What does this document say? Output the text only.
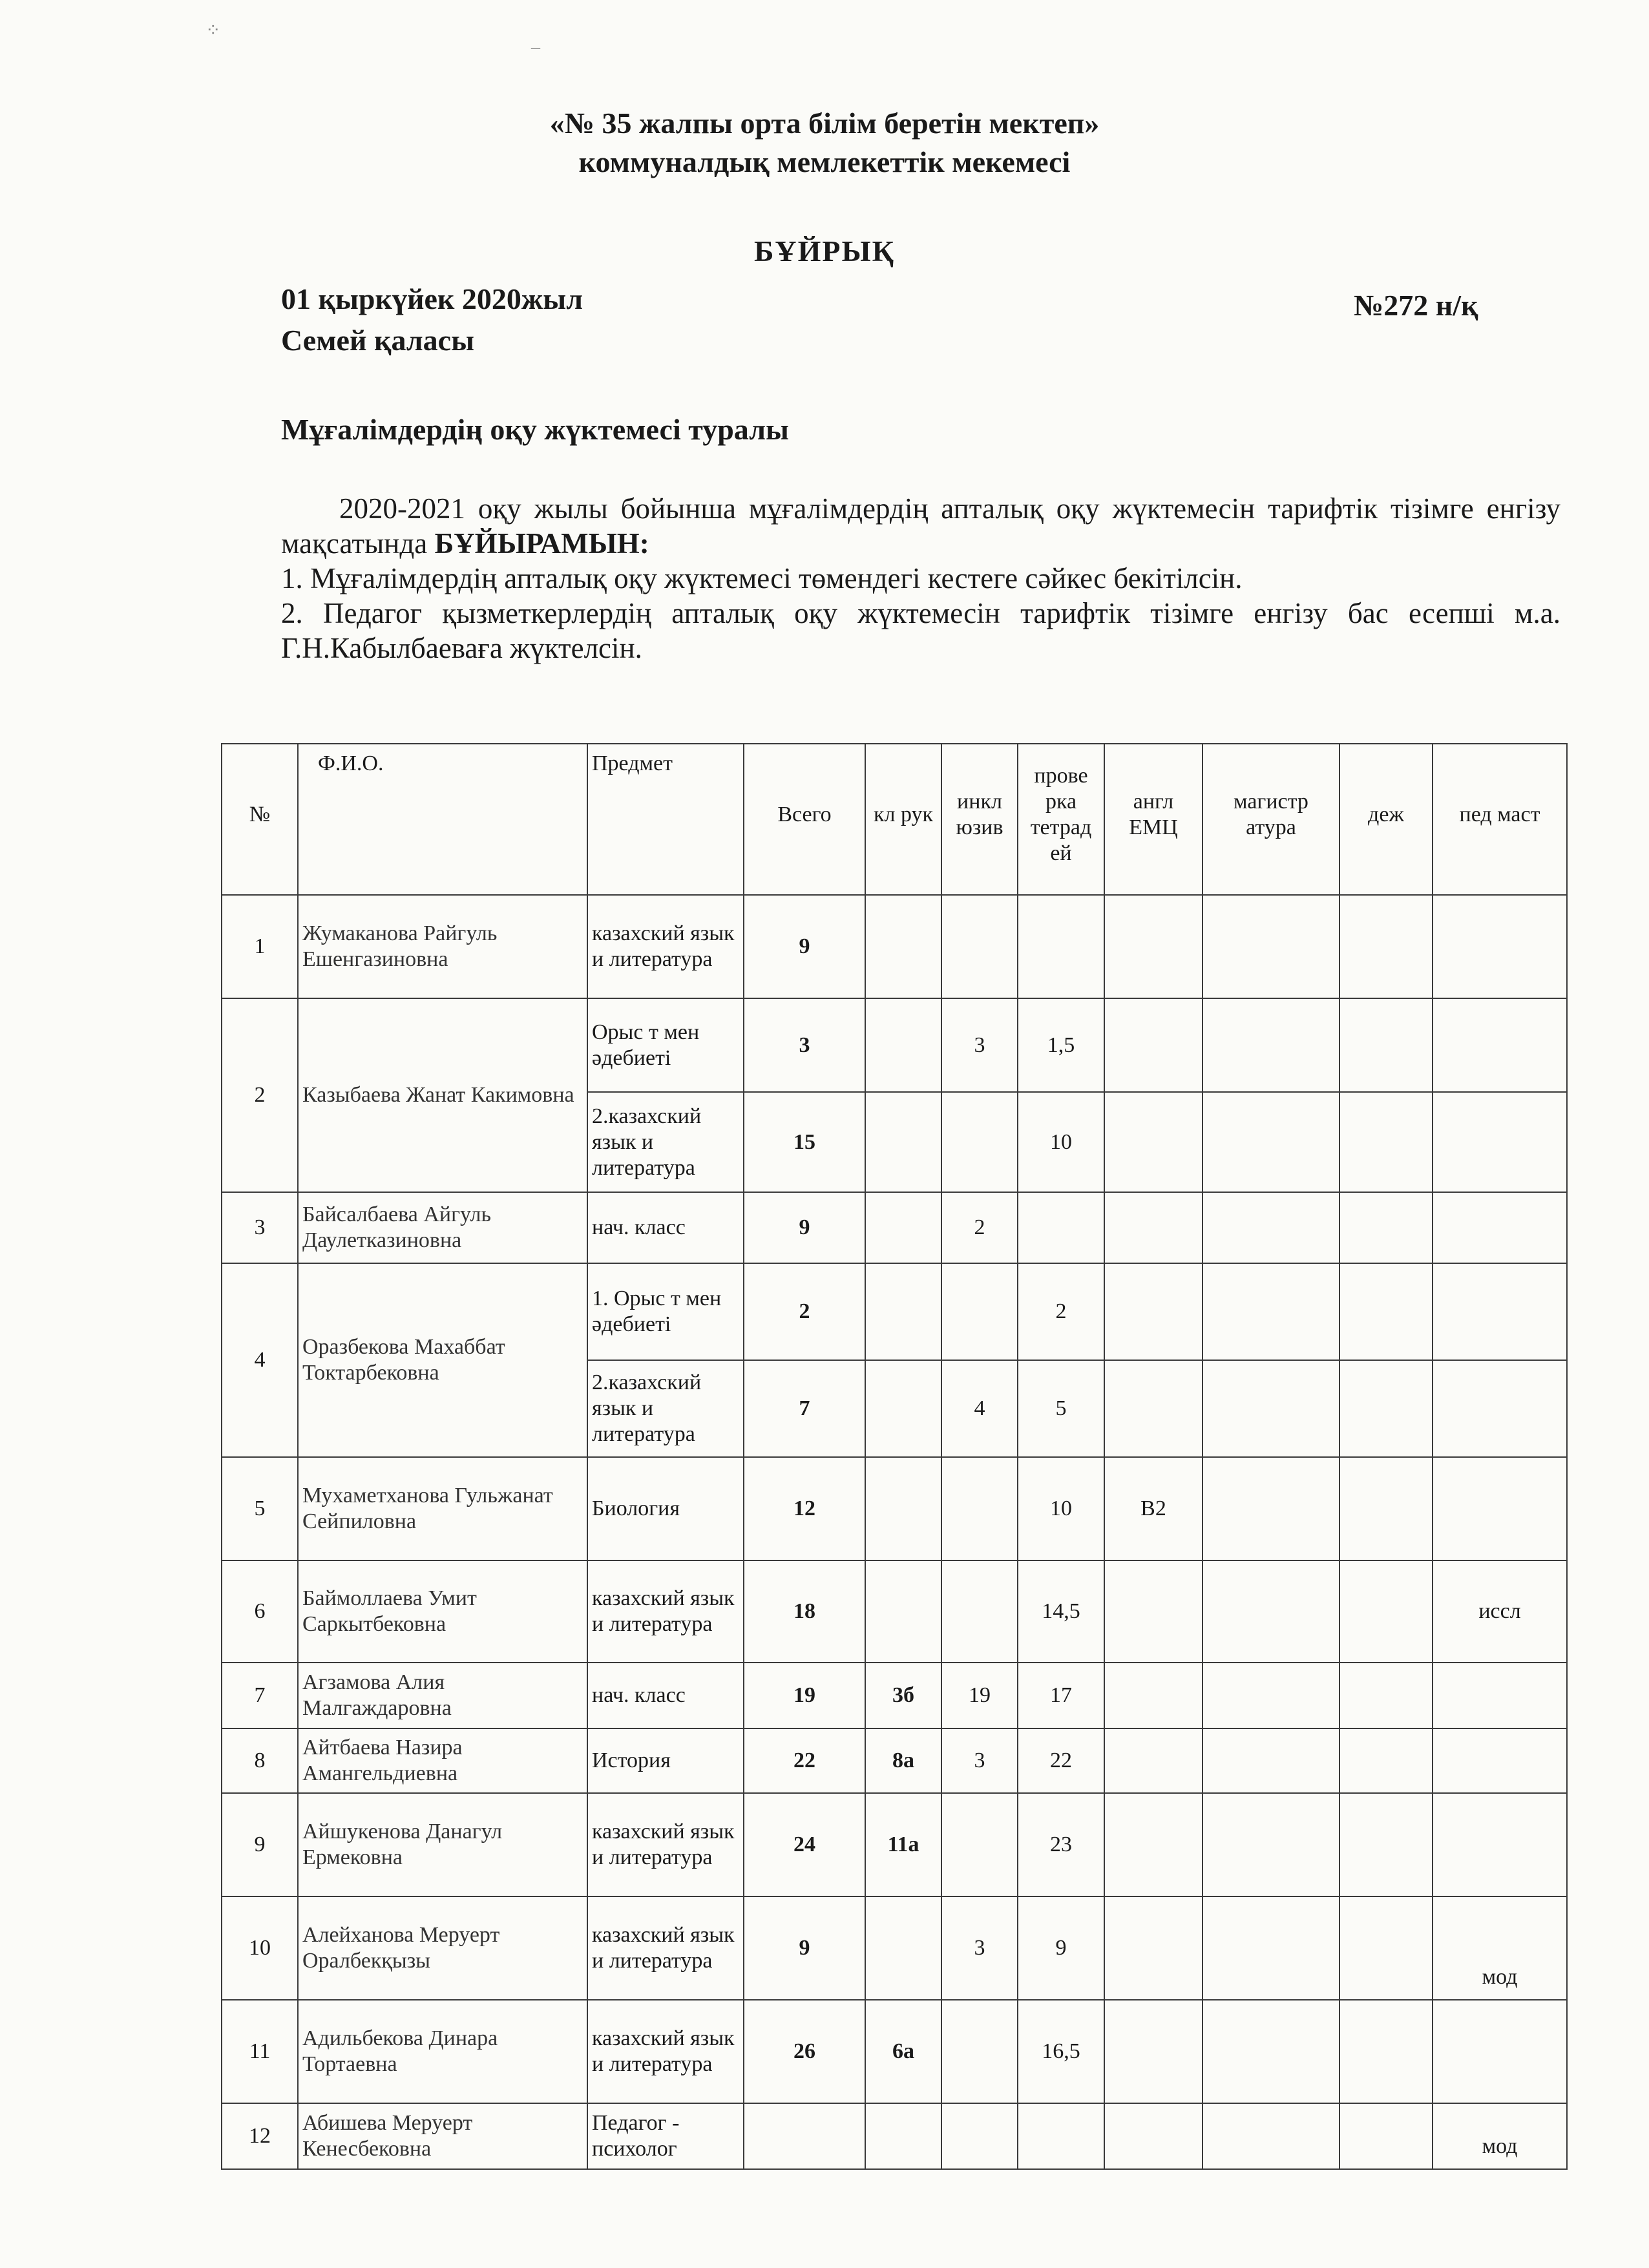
⁘
–
«№ 35 жалпы орта білім беретін мектеп»
коммуналдық мемлекеттік мекемесі
БҰЙРЫҚ
01 қыркүйек 2020жыл	№272 н/қ
Семей қаласы
Мұғалімдердің оқу жүктемесі туралы
2020-2021 оқу жылы бойынша мұғалімдердің апталық оқу жүктемесін тарифтік тізімге енгізу мақсатында БҰЙЫРАМЫН:
1. Мұғалімдердің апталық оқу жүктемесі төмендегі кестеге сәйкес бекітілсін.
2. Педагог қызметкерлердің апталық оқу жүктемесін тарифтік тізімге енгізу бас есепші м.а. Г.Н.Кабылбаеваға жүктелсін.
№	Ф.И.О.	Предмет	Всего	кл рук	инкл юзив	прове рка тетрад ей	англ ЕМЦ	магистр атура	деж	пед маст
1	Жумаканова Райгуль Ешенгазиновна	казахский язык и литература	9							
2	Казыбаева Жанат Какимовна	Орыс т мен әдебиеті	3		3	1,5				
		2.казахский язык и литература	15			10				
3	Байсалбаева Айгуль Даулетказиновна	нач. класс	9		2					
4	Оразбекова Махаббат Токтарбековна	1. Орыс т мен әдебиеті	2			2				
		2.казахский язык и литература	7		4	5				
5	Мухаметханова Гульжанат Сейпиловна	Биология	12			10	В2			
6	Баймоллаева Умит Саркытбековна	казахский язык и литература	18			14,5				иссл
7	Агзамова Алия Малгаждаровна	нач. класс	19	3б	19	17				
8	Айтбаева Назира Амангельдиевна	История	22	8а	3	22				
9	Айшукенова Данагул Ермековна	казахский язык и литература	24	11а		23				
10	Алейханова Меруерт Оралбекқызы	казахский язык и литература	9		3	9				мод
11	Адильбекова Динара Тортаевна	казахский язык и литература	26	6а		16,5				
12	Абишева Меруерт Кенесбековна	Педагог - психолог								мод
